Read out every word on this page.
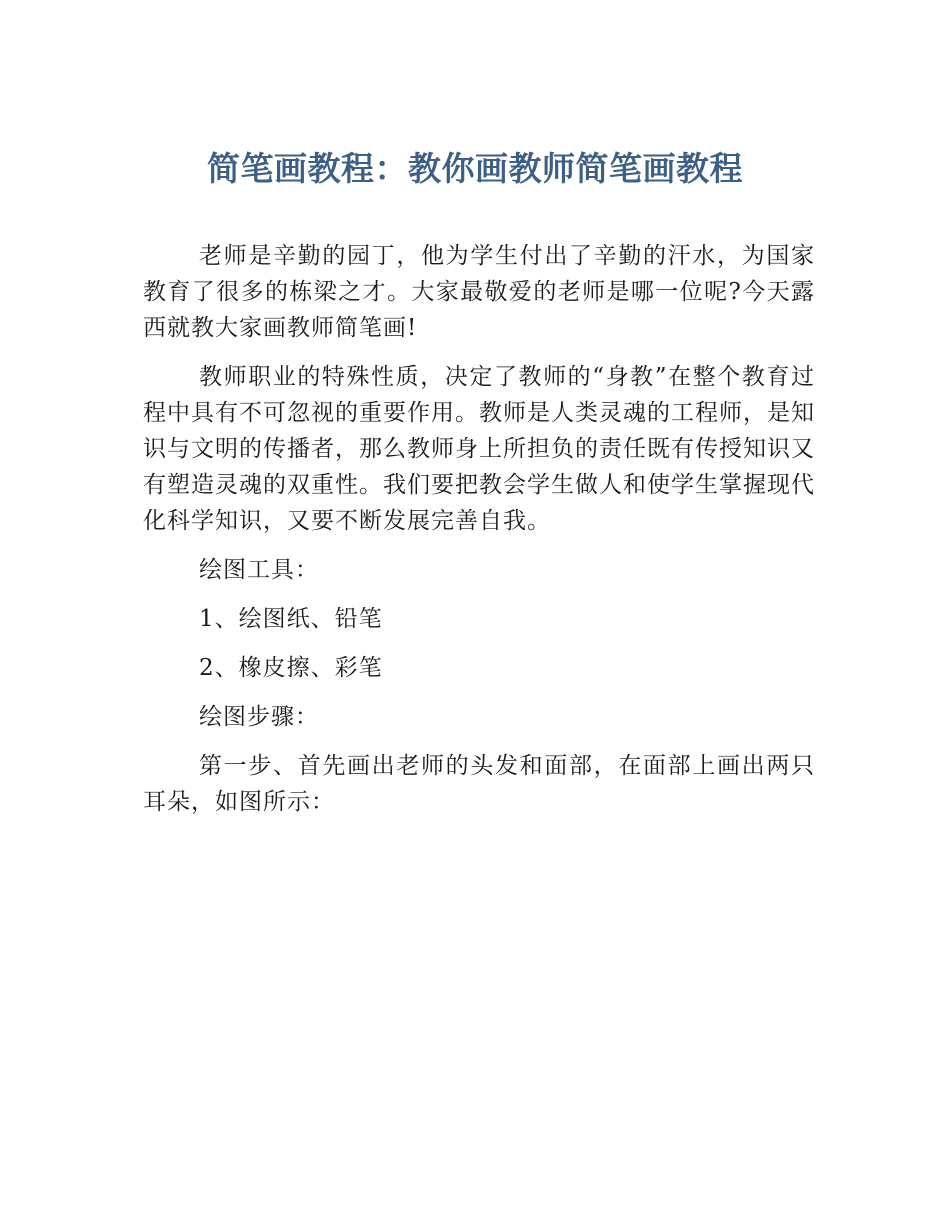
简笔画教程：教你画教师简笔画教程

老师是辛勤的园丁，他为学生付出了辛勤的汗水，为国家教育了很多的栋梁之才。大家最敬爱的老师是哪一位呢?今天露西就教大家画教师简笔画!

教师职业的特殊性质，决定了教师的“身教”在整个教育过程中具有不可忽视的重要作用。教师是人类灵魂的工程师，是知识与文明的传播者，那么教师身上所担负的责任既有传授知识又有塑造灵魂的双重性。我们要把教会学生做人和使学生掌握现代化科学知识，又要不断发展完善自我。

绘图工具：

1、绘图纸、铅笔

2、橡皮擦、彩笔

绘图步骤：

第一步、首先画出老师的头发和面部，在面部上画出两只耳朵，如图所示：
